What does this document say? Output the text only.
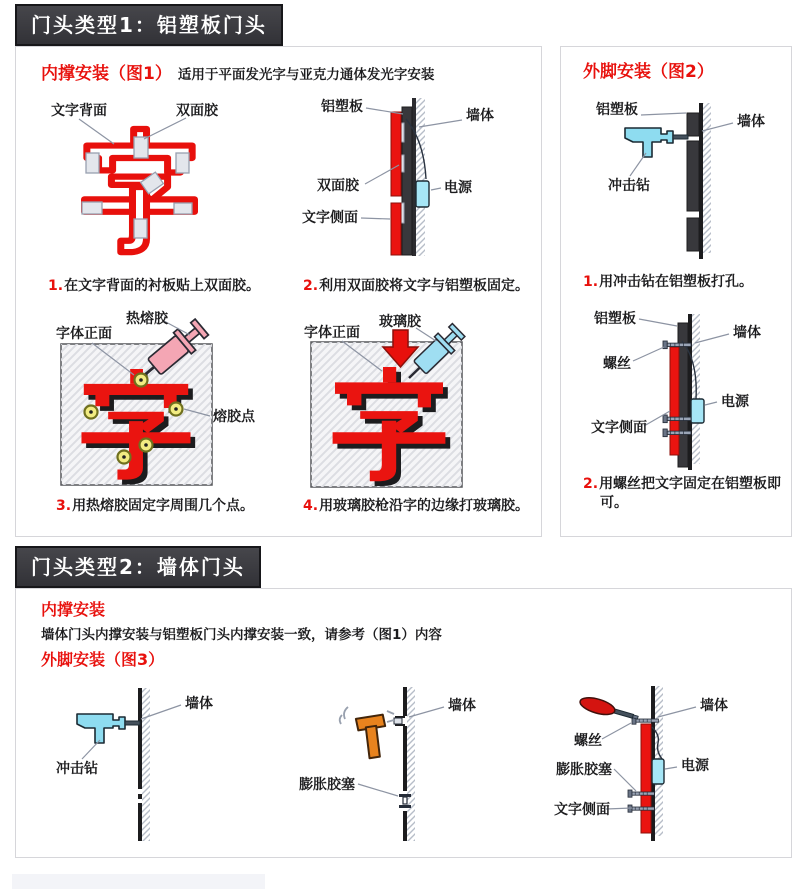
门头类型1：铝塑板门头
内撑安装（图1） 适用于平面发光字与亚克力通体发光字安装
文字背面	双面胶

1.在文字背面的衬板贴上双面胶。

铝塑板
墙体
双面胶	电源
文字侧面

2.利用双面胶将文字与铝塑板固定。

字体正面
热熔胶
熔胶点

3.用热熔胶固定字周围几个点。

字体正面
玻璃胶

4.用玻璃胶枪沿字的边缘打玻璃胶。

外脚安装（图2）
铝塑板
墙体
冲击钻

1.用冲击钻在铝塑板打孔。

铝塑板
墙体
螺丝
电源
文字侧面

2.用螺丝把文字固定在铝塑板即可。

门头类型2：墙体门头
内撑安装
墙体门头内撑安装与铝塑板门头内撑安装一致，请参考（图1）内容
外脚安装（图3）
墙体
冲击钻
墙体
膨胀胶塞
墙体
螺丝
膨胀胶塞	电源
文字侧面
